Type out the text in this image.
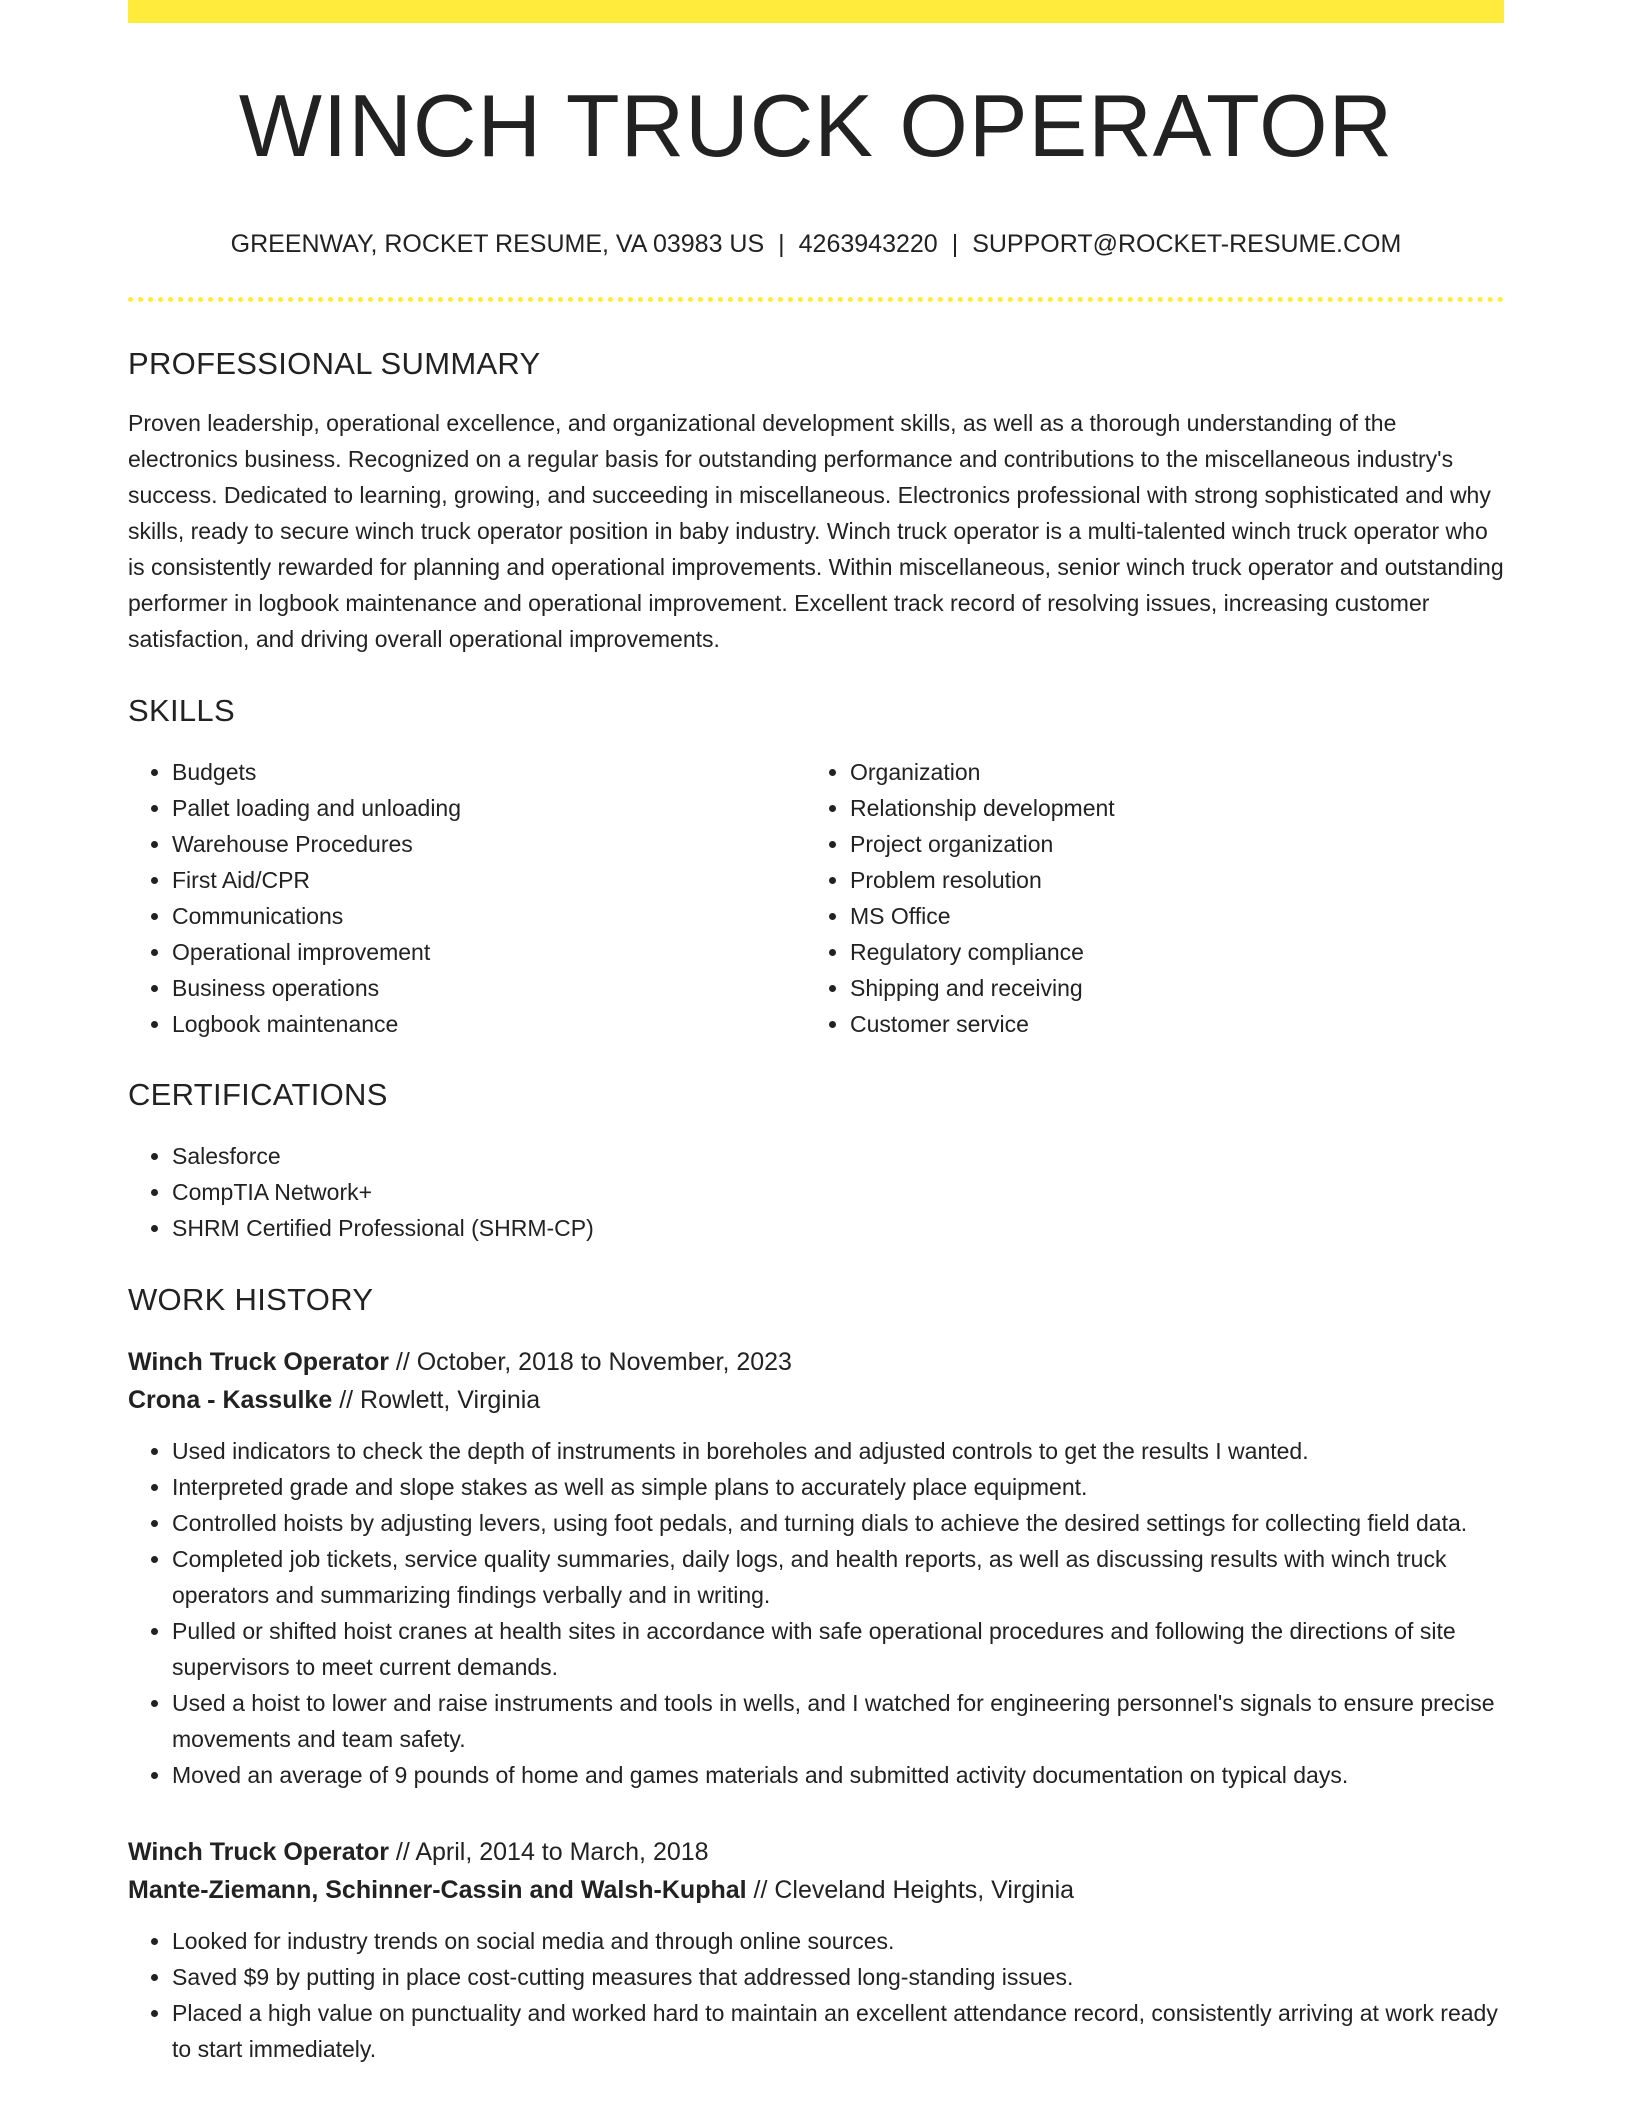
WINCH TRUCK OPERATOR
GREENWAY, ROCKET RESUME, VA 03983 US | 4263943220 | SUPPORT@ROCKET-RESUME.COM
PROFESSIONAL SUMMARY

Proven leadership, operational excellence, and organizational development skills, as well as a thorough understanding of the electronics business. Recognized on a regular basis for outstanding performance and contributions to the miscellaneous industry's success. Dedicated to learning, growing, and succeeding in miscellaneous. Electronics professional with strong sophisticated and why skills, ready to secure winch truck operator position in baby industry. Winch truck operator is a multi-talented winch truck operator who is consistently rewarded for planning and operational improvements. Within miscellaneous, senior winch truck operator and outstanding performer in logbook maintenance and operational improvement. Excellent track record of resolving issues, increasing customer satisfaction, and driving overall operational improvements.

SKILLS
• Budgets
• Pallet loading and unloading
• Warehouse Procedures
• First Aid/CPR
• Communications
• Operational improvement
• Business operations
• Logbook maintenance
• Organization
• Relationship development
• Project organization
• Problem resolution
• MS Office
• Regulatory compliance
• Shipping and receiving
• Customer service
CERTIFICATIONS
• Salesforce
• CompTIA Network+
• SHRM Certified Professional (SHRM-CP)
WORK HISTORY
Winch Truck Operator // October, 2018 to November, 2023
Crona - Kassulke // Rowlett, Virginia
• Used indicators to check the depth of instruments in boreholes and adjusted controls to get the results I wanted.
• Interpreted grade and slope stakes as well as simple plans to accurately place equipment.
• Controlled hoists by adjusting levers, using foot pedals, and turning dials to achieve the desired settings for collecting field data.
• Completed job tickets, service quality summaries, daily logs, and health reports, as well as discussing results with winch truck operators and summarizing findings verbally and in writing.
• Pulled or shifted hoist cranes at health sites in accordance with safe operational procedures and following the directions of site supervisors to meet current demands.
• Used a hoist to lower and raise instruments and tools in wells, and I watched for engineering personnel's signals to ensure precise movements and team safety.
• Moved an average of 9 pounds of home and games materials and submitted activity documentation on typical days.
Winch Truck Operator // April, 2014 to March, 2018
Mante-Ziemann, Schinner-Cassin and Walsh-Kuphal // Cleveland Heights, Virginia
• Looked for industry trends on social media and through online sources.
• Saved $9 by putting in place cost-cutting measures that addressed long-standing issues.
• Placed a high value on punctuality and worked hard to maintain an excellent attendance record, consistently arriving at work ready to start immediately.
